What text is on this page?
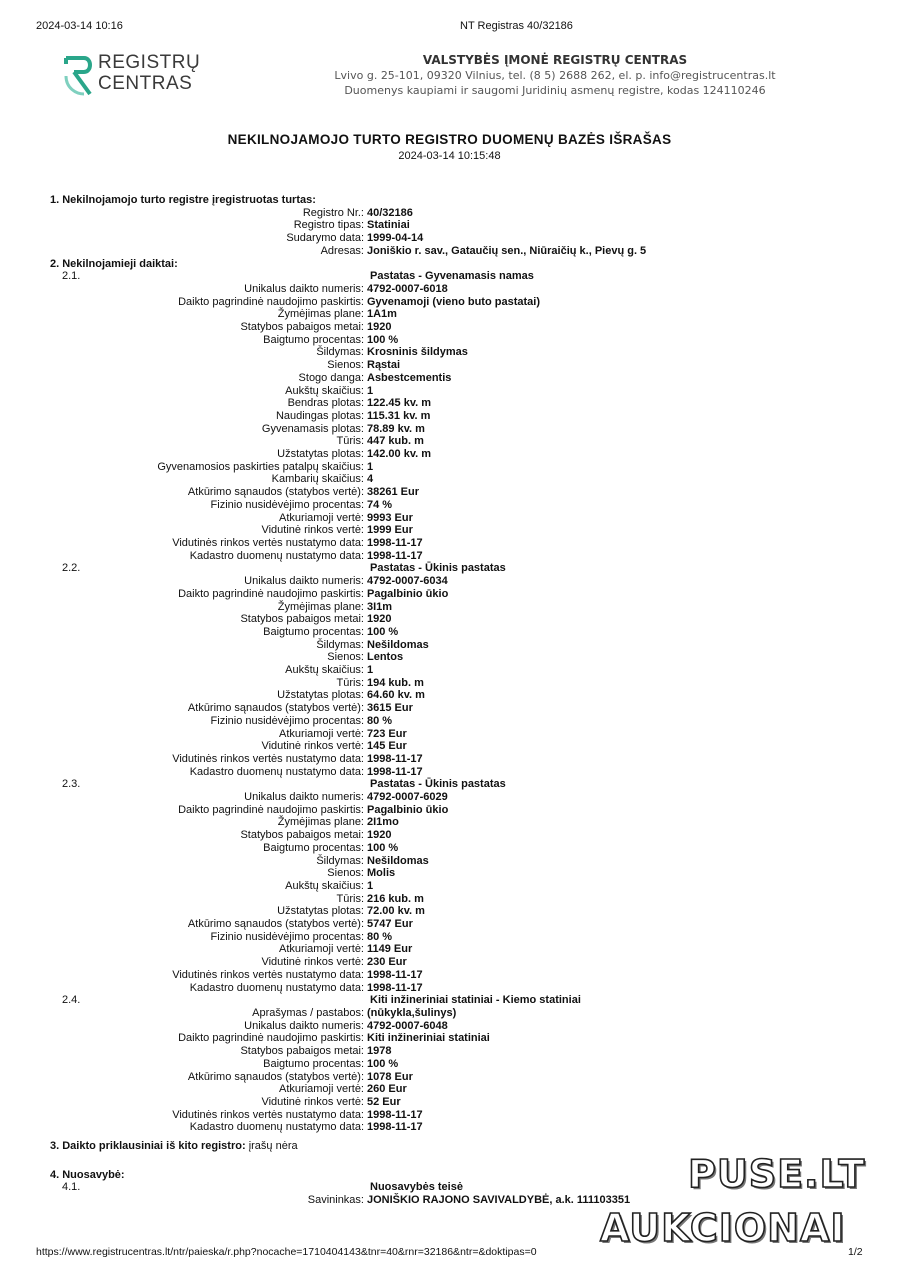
2024-03-14 10:16	NT Registras 40/32186
REGISTRŲ
CENTRAS
VALSTYBĖS ĮMONĖ REGISTRŲ CENTRAS
Lvivo g. 25-101, 09320 Vilnius, tel. (8 5) 2688 262, el. p. info@registrucentras.lt
Duomenys kaupiami ir saugomi Juridinių asmenų registre, kodas 124110246
NEKILNOJAMOJO TURTO REGISTRO DUOMENŲ BAZĖS IŠRAŠAS
2024-03-14 10:15:48
1. Nekilnojamojo turto registre įregistruotas turtas:
Registro Nr.: 40/32186
Registro tipas: Statiniai
Sudarymo data: 1999-04-14
Adresas: Joniškio r. sav., Gataučių sen., Niūraičių k., Pievų g. 5
2. Nekilnojamieji daiktai:
2.1.	Pastatas - Gyvenamasis namas
Unikalus daikto numeris: 4792-0007-6018
Daikto pagrindinė naudojimo paskirtis: Gyvenamoji (vieno buto pastatai)
Žymėjimas plane: 1A1m
Statybos pabaigos metai: 1920
Baigtumo procentas: 100 %
Šildymas: Krosninis šildymas
Sienos: Rąstai
Stogo danga: Asbestcementis
Aukštų skaičius: 1
Bendras plotas: 122.45 kv. m
Naudingas plotas: 115.31 kv. m
Gyvenamasis plotas: 78.89 kv. m
Tūris: 447 kub. m
Užstatytas plotas: 142.00 kv. m
Gyvenamosios paskirties patalpų skaičius: 1
Kambarių skaičius: 4
Atkūrimo sąnaudos (statybos vertė): 38261 Eur
Fizinio nusidėvėjimo procentas: 74 %
Atkuriamoji vertė: 9993 Eur
Vidutinė rinkos vertė: 1999 Eur
Vidutinės rinkos vertės nustatymo data: 1998-11-17
Kadastro duomenų nustatymo data: 1998-11-17
2.2.	Pastatas - Ūkinis pastatas
Unikalus daikto numeris: 4792-0007-6034
Daikto pagrindinė naudojimo paskirtis: Pagalbinio ūkio
Žymėjimas plane: 3I1m
Statybos pabaigos metai: 1920
Baigtumo procentas: 100 %
Šildymas: Nešildomas
Sienos: Lentos
Aukštų skaičius: 1
Tūris: 194 kub. m
Užstatytas plotas: 64.60 kv. m
Atkūrimo sąnaudos (statybos vertė): 3615 Eur
Fizinio nusidėvėjimo procentas: 80 %
Atkuriamoji vertė: 723 Eur
Vidutinė rinkos vertė: 145 Eur
Vidutinės rinkos vertės nustatymo data: 1998-11-17
Kadastro duomenų nustatymo data: 1998-11-17
2.3.	Pastatas - Ūkinis pastatas
Unikalus daikto numeris: 4792-0007-6029
Daikto pagrindinė naudojimo paskirtis: Pagalbinio ūkio
Žymėjimas plane: 2I1mo
Statybos pabaigos metai: 1920
Baigtumo procentas: 100 %
Šildymas: Nešildomas
Sienos: Molis
Aukštų skaičius: 1
Tūris: 216 kub. m
Užstatytas plotas: 72.00 kv. m
Atkūrimo sąnaudos (statybos vertė): 5747 Eur
Fizinio nusidėvėjimo procentas: 80 %
Atkuriamoji vertė: 1149 Eur
Vidutinė rinkos vertė: 230 Eur
Vidutinės rinkos vertės nustatymo data: 1998-11-17
Kadastro duomenų nustatymo data: 1998-11-17
2.4.	Kiti inžineriniai statiniai - Kiemo statiniai
Aprašymas / pastabos: (nūkykla,šulinys)
Unikalus daikto numeris: 4792-0007-6048
Daikto pagrindinė naudojimo paskirtis: Kiti inžineriniai statiniai
Statybos pabaigos metai: 1978
Baigtumo procentas: 100 %
Atkūrimo sąnaudos (statybos vertė): 1078 Eur
Atkuriamoji vertė: 260 Eur
Vidutinė rinkos vertė: 52 Eur
Vidutinės rinkos vertės nustatymo data: 1998-11-17
Kadastro duomenų nustatymo data: 1998-11-17
3. Daikto priklausiniai iš kito registro: įrašų nėra
4. Nuosavybė:
4.1.	Nuosavybės teisė
Savininkas: JONIŠKIO RAJONO SAVIVALDYBĖ, a.k. 111103351
https://www.registrucentras.lt/ntr/paieska/r.php?nocache=1710404143&tnr=40&rnr=32186&ntr=&doktipas=0	1/2
PUSE.LT
AUKCIONAI
